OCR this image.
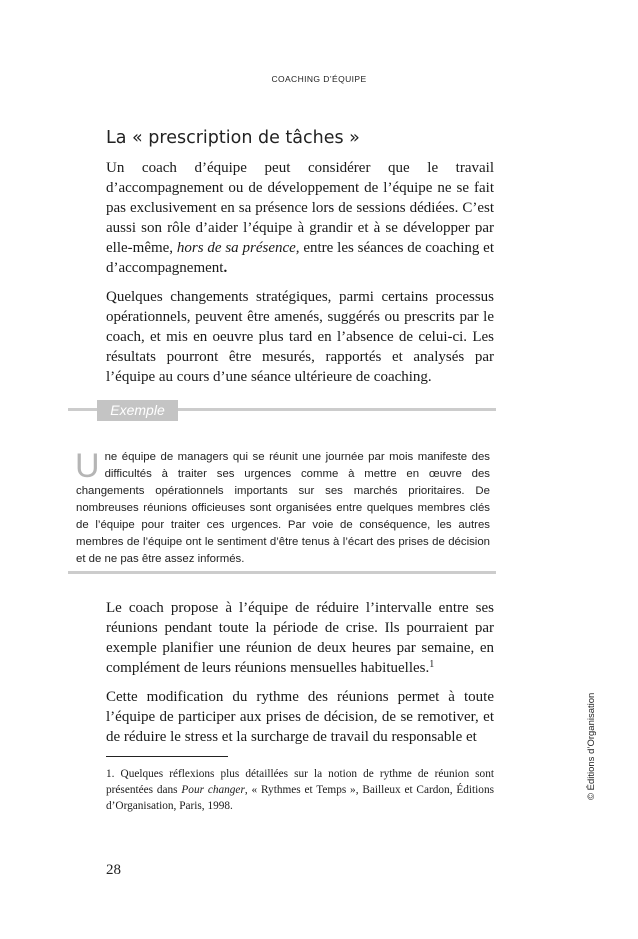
COACHING D’ÉQUIPE
La « prescription de tâches »

Un coach d’équipe peut considérer que le travail d’accompagnement ou de développement de l’équipe ne se fait pas exclusivement en sa présence lors de sessions dédiées. C’est aussi son rôle d’aider l’équipe à grandir et à se développer par elle-même, hors de sa présence, entre les séances de coaching et d’accompagnement.

Quelques changements stratégiques, parmi certains processus opérationnels, peuvent être amenés, suggérés ou prescrits par le coach, et mis en oeuvre plus tard en l’absence de celui-ci. Les résultats pourront être mesurés, rapportés et analysés par l’équipe au cours d’une séance ultérieure de coaching.

Exemple
Une équipe de managers qui se réunit une journée par mois manifeste des difficultés à traiter ses urgences comme à mettre en œuvre des changements opérationnels importants sur ses marchés prioritaires. De nombreuses réunions officieuses sont organisées entre quelques membres clés de l’équipe pour traiter ces urgences. Par voie de conséquence, les autres membres de l’équipe ont le sentiment d’être tenus à l’écart des prises de décision et de ne pas être assez informés.

Le coach propose à l’équipe de réduire l’intervalle entre ses réunions pendant toute la période de crise. Ils pourraient par exemple planifier une réunion de deux heures par semaine, en complément de leurs réunions mensuelles habituelles.$^1$

Cette modification du rythme des réunions permet à toute l’équipe de participer aux prises de décision, de se remotiver, et de réduire le stress et la surcharge de travail du responsable et

1. Quelques réflexions plus détaillées sur la notion de rythme de réunion sont présentées dans Pour changer, « Rythmes et Temps », Bailleux et Cardon, Éditions d’Organisation, Paris, 1998.
28
© Éditions d’Organisation
